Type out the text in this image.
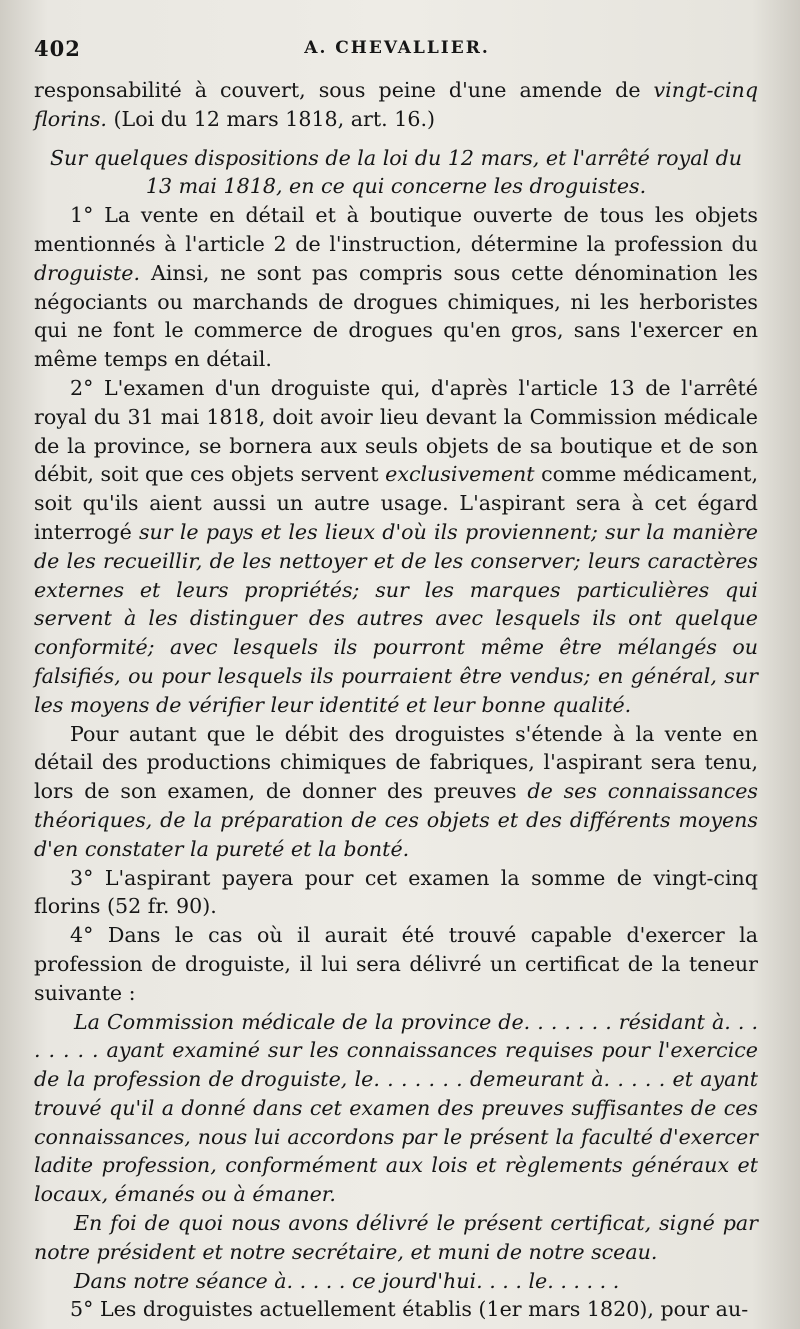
402	A. CHEVALLIER.

responsabilité à couvert, sous peine d'une amende de vingt-cinq florins. (Loi du 12 mars 1818, art. 16.)

Sur quelques dispositions de la loi du 12 mars, et l'arrêté royal du
13 mai 1818, en ce qui concerne les droguistes.

1° La vente en détail et à boutique ouverte de tous les objets mentionnés à l'article 2 de l'instruction, détermine la profession du droguiste. Ainsi, ne sont pas compris sous cette dénomination les négociants ou marchands de drogues chimiques, ni les herboristes qui ne font le commerce de drogues qu'en gros, sans l'exercer en même temps en détail.

2° L'examen d'un droguiste qui, d'après l'article 13 de l'arrêté royal du 31 mai 1818, doit avoir lieu devant la Commission médicale de la province, se bornera aux seuls objets de sa boutique et de son débit, soit que ces objets servent exclusivement comme médicament, soit qu'ils aient aussi un autre usage. L'aspirant sera à cet égard interrogé sur le pays et les lieux d'où ils proviennent; sur la manière de les recueillir, de les nettoyer et de les conserver; leurs caractères externes et leurs propriétés; sur les marques particulières qui servent à les distinguer des autres avec lesquels ils ont quelque conformité; avec lesquels ils pourront même être mélangés ou falsifiés, ou pour lesquels ils pourraient être vendus; en général, sur les moyens de vérifier leur identité et leur bonne qualité.

Pour autant que le débit des droguistes s'étende à la vente en détail des productions chimiques de fabriques, l'aspirant sera tenu, lors de son examen, de donner des preuves de ses connaissances théoriques, de la préparation de ces objets et des différents moyens d'en constater la pureté et la bonté.

3° L'aspirant payera pour cet examen la somme de vingt-cinq florins (52 fr. 90).

4° Dans le cas où il aurait été trouvé capable d'exercer la profession de droguiste, il lui sera délivré un certificat de la teneur suivante :

La Commission médicale de la province de. . . . . . . résidant à. . . . . . . . ayant examiné sur les connaissances requises pour l'exercice de la profession de droguiste, le. . . . . . . demeurant à. . . . . et ayant trouvé qu'il a donné dans cet examen des preuves suffisantes de ces connaissances, nous lui accordons par le présent la faculté d'exercer ladite profession, conformément aux lois et règlements généraux et locaux, émanés ou à émaner.

En foi de quoi nous avons délivré le présent certificat, signé par notre président et notre secrétaire, et muni de notre sceau.

Dans notre séance à. . . . . ce jourd'hui. . . . le. . . . . .

5° Les droguistes actuellement établis (1er mars 1820), pour au-
